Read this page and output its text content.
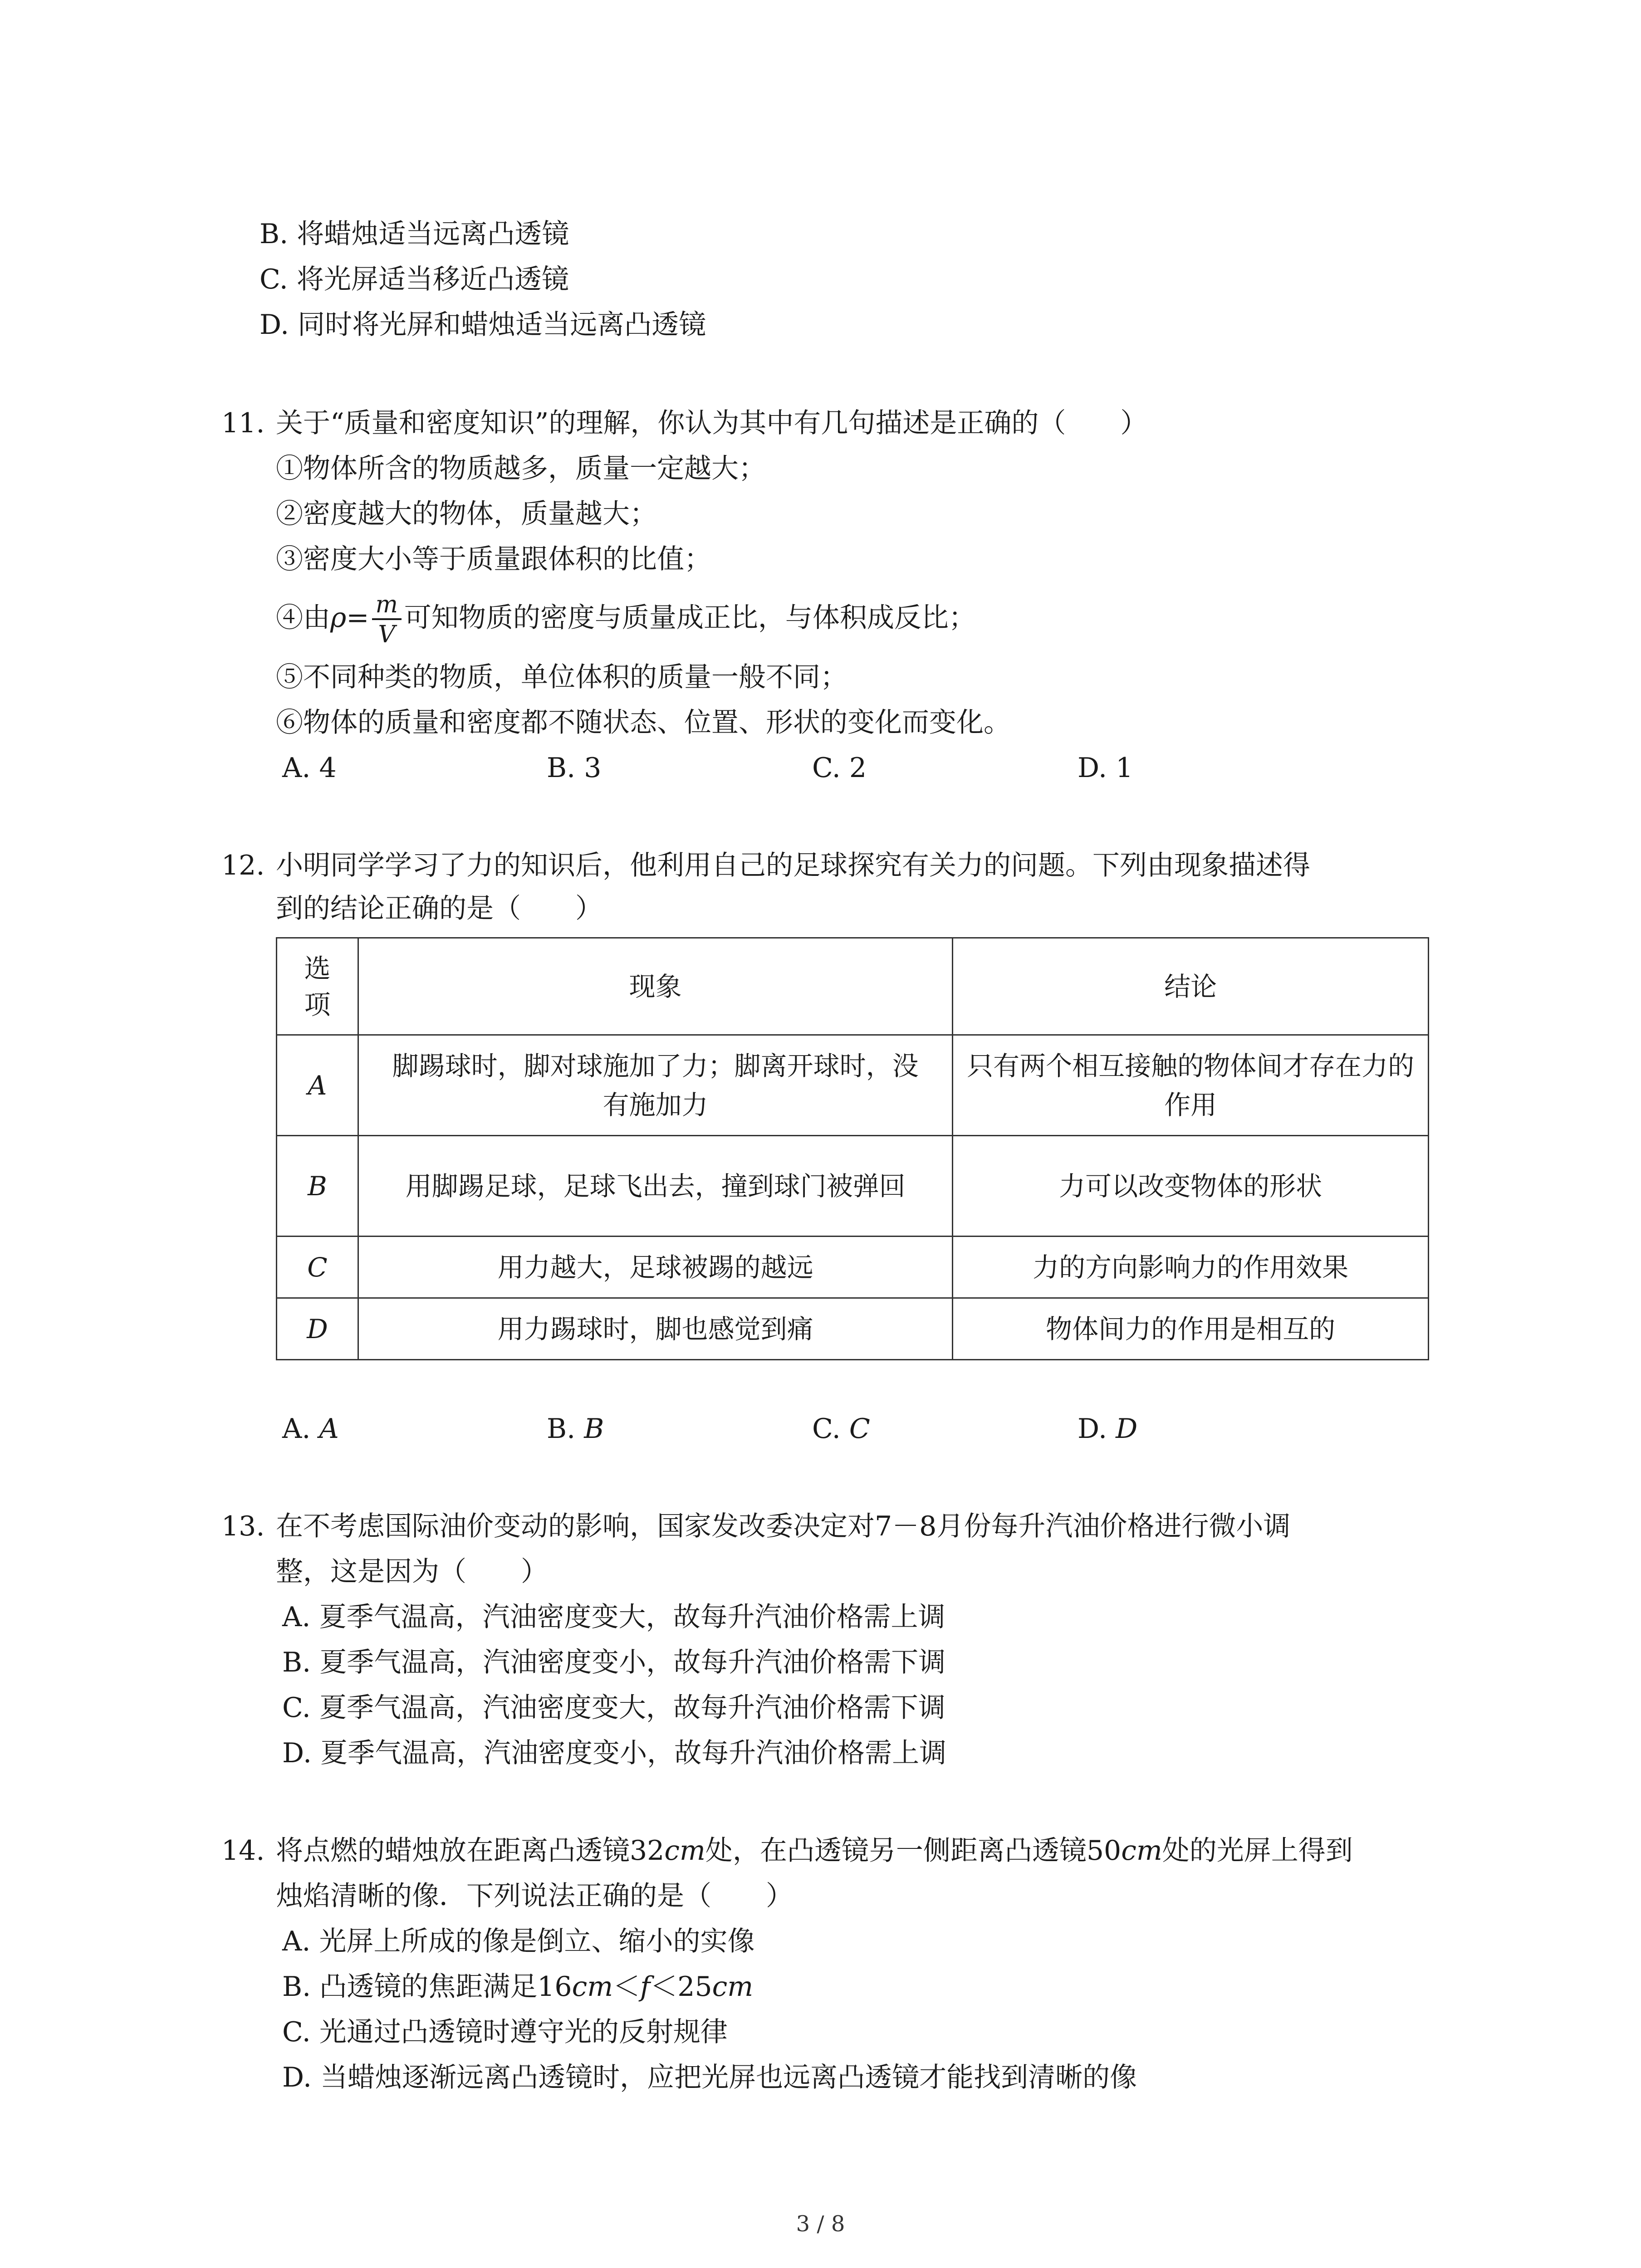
B. 将蜡烛适当远离凸透镜
C. 将光屏适当移近凸透镜
D. 同时将光屏和蜡烛适当远离凸透镜
11. 关于“质量和密度知识”的理解，你认为其中有几句描述是正确的（　　）
①物体所含的物质越多，质量一定越大；
②密度越大的物体，质量越大；
③密度大小等于质量跟体积的比值；
④由$\rho= \frac{m}{V}$ 可知物质的密度与质量成正比，与体积成反比；
⑤不同种类的物质，单位体积的质量一般不同；
⑥物体的质量和密度都不随状态、位置、形状的变化而变化。
A. 4	B. 3	C. 2	D. 1
12. 小明同学学习了力的知识后，他利用自己的足球探究有关力的问题。下列由现象描述得
到的结论正确的是（　　）
选项	现象	结论
A	脚踢球时，脚对球施加了力；脚离开球时，没有施加力	只有两个相互接触的物体间才存在力的作用
B	用脚踢足球，足球飞出去，撞到球门被弹回	力可以改变物体的形状
C	用力越大，足球被踢的越远	力的方向影响力的作用效果
D	用力踢球时，脚也感觉到痛	物体间力的作用是相互的
A. A	B. B	C. C	D. D
13. 在不考虑国际油价变动的影响，国家发改委决定对7－8月份每升汽油价格进行微小调
整，这是因为（　　）
A. 夏季气温高，汽油密度变大，故每升汽油价格需上调
B. 夏季气温高，汽油密度变小，故每升汽油价格需下调
C. 夏季气温高，汽油密度变大，故每升汽油价格需下调
D. 夏季气温高，汽油密度变小，故每升汽油价格需上调
14. 将点燃的蜡烛放在距离凸透镜32cm处，在凸透镜另一侧距离凸透镜50cm处的光屏上得到
烛焰清晰的像．下列说法正确的是（　　）
A. 光屏上所成的像是倒立、缩小的实像
B. 凸透镜的焦距满足16cm＜f＜25cm
C. 光通过凸透镜时遵守光的反射规律
D. 当蜡烛逐渐远离凸透镜时，应把光屏也远离凸透镜才能找到清晰的像
3 / 8
